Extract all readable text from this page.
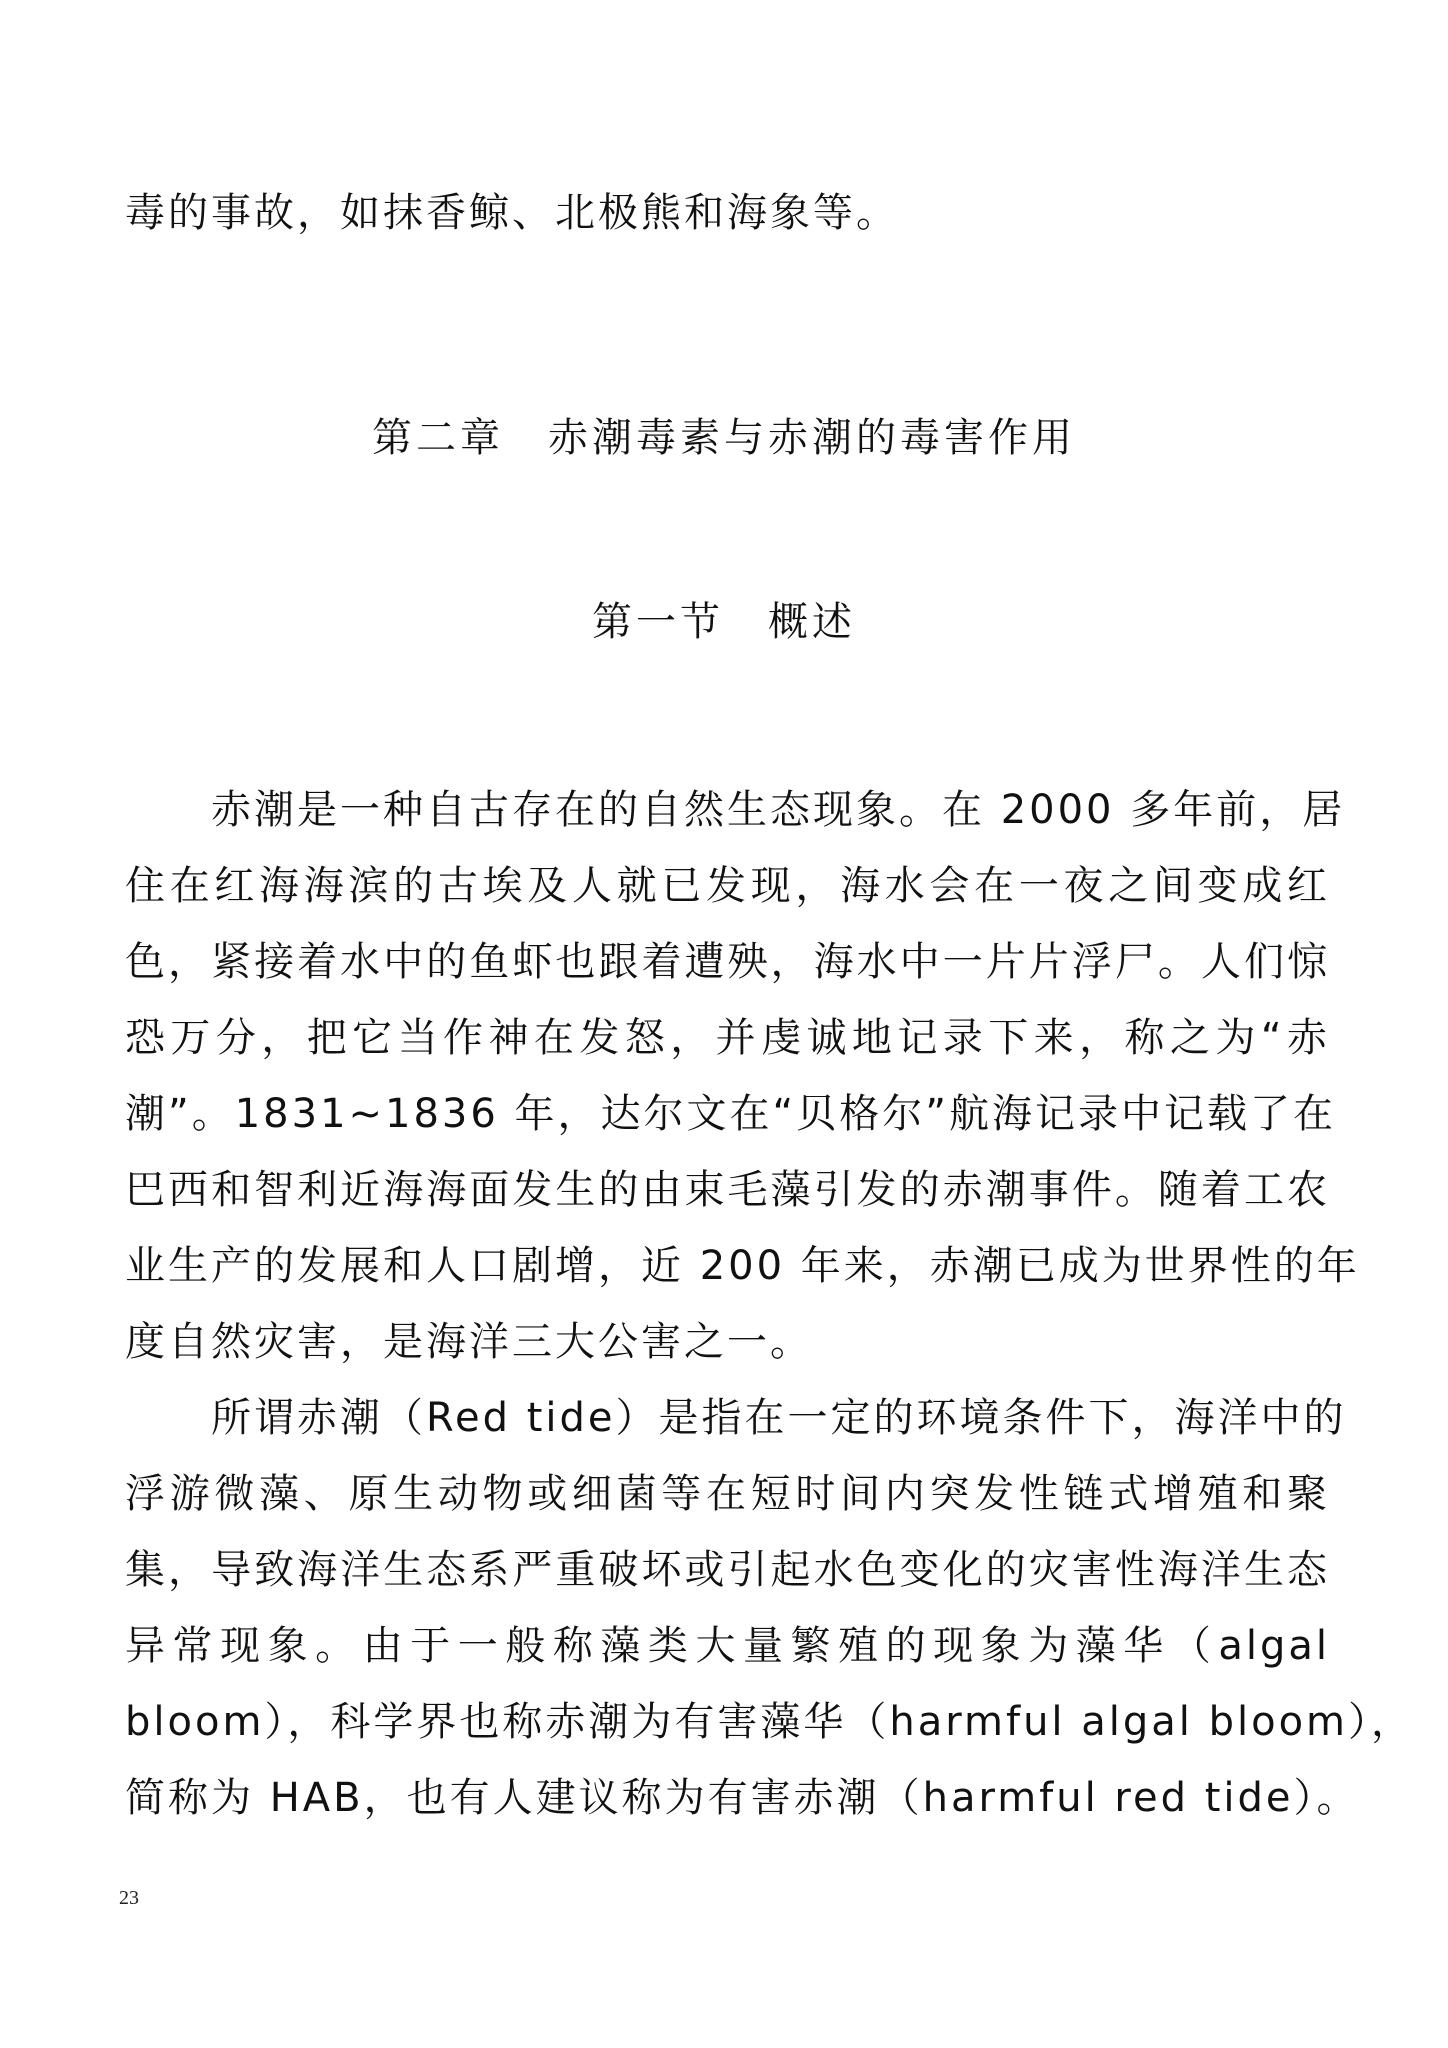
毒的事故，如抹香鲸、北极熊和海象等。
第二章　赤潮毒素与赤潮的毒害作用
第一节　概述
　　赤潮是一种自古存在的自然生态现象。在 2000 多年前，居
住在红海海滨的古埃及人就已发现，海水会在一夜之间变成红
色，紧接着水中的鱼虾也跟着遭殃，海水中一片片浮尸。人们惊
恐万分，把它当作神在发怒，并虔诚地记录下来，称之为“赤
潮”。1831~1836 年，达尔文在“贝格尔”航海记录中记载了在
巴西和智利近海海面发生的由束毛藻引发的赤潮事件。随着工农
业生产的发展和人口剧增，近 200 年来，赤潮已成为世界性的年
度自然灾害，是海洋三大公害之一。
　　所谓赤潮（Red tide）是指在一定的环境条件下，海洋中的
浮游微藻、原生动物或细菌等在短时间内突发性链式增殖和聚
集，导致海洋生态系严重破坏或引起水色变化的灾害性海洋生态
异常现象。由于一般称藻类大量繁殖的现象为藻华（algal
bloom），科学界也称赤潮为有害藻华（harmful algal bloom），
简称为 HAB，也有人建议称为有害赤潮（harmful red tide）。
23
